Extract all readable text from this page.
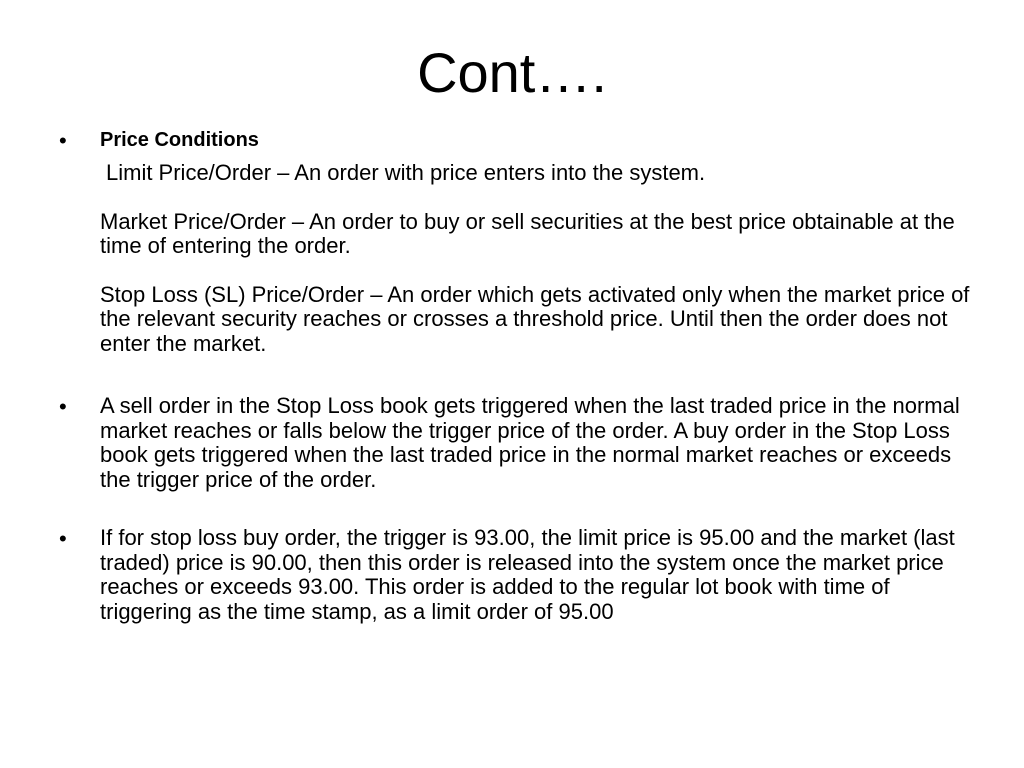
Cont….
• Price Conditions
Limit Price/Order – An order with price enters into the system.
Market Price/Order – An order to buy or sell securities at the best price obtainable at the time of entering the order.
Stop Loss (SL) Price/Order – An order which gets activated only when the market price of the relevant security reaches or crosses a threshold price. Until then the order does not enter the market.
• A sell order in the Stop Loss book gets triggered when the last traded price in the normal market reaches or falls below the trigger price of the order. A buy order in the Stop Loss book gets triggered when the last traded price in the normal market reaches or exceeds the trigger price of the order.
• If for stop loss buy order, the trigger is 93.00, the limit price is 95.00 and the market (last traded) price is 90.00, then this order is released into the system once the market price reaches or exceeds 93.00. This order is added to the regular lot book with time of triggering as the time stamp, as a limit order of 95.00
